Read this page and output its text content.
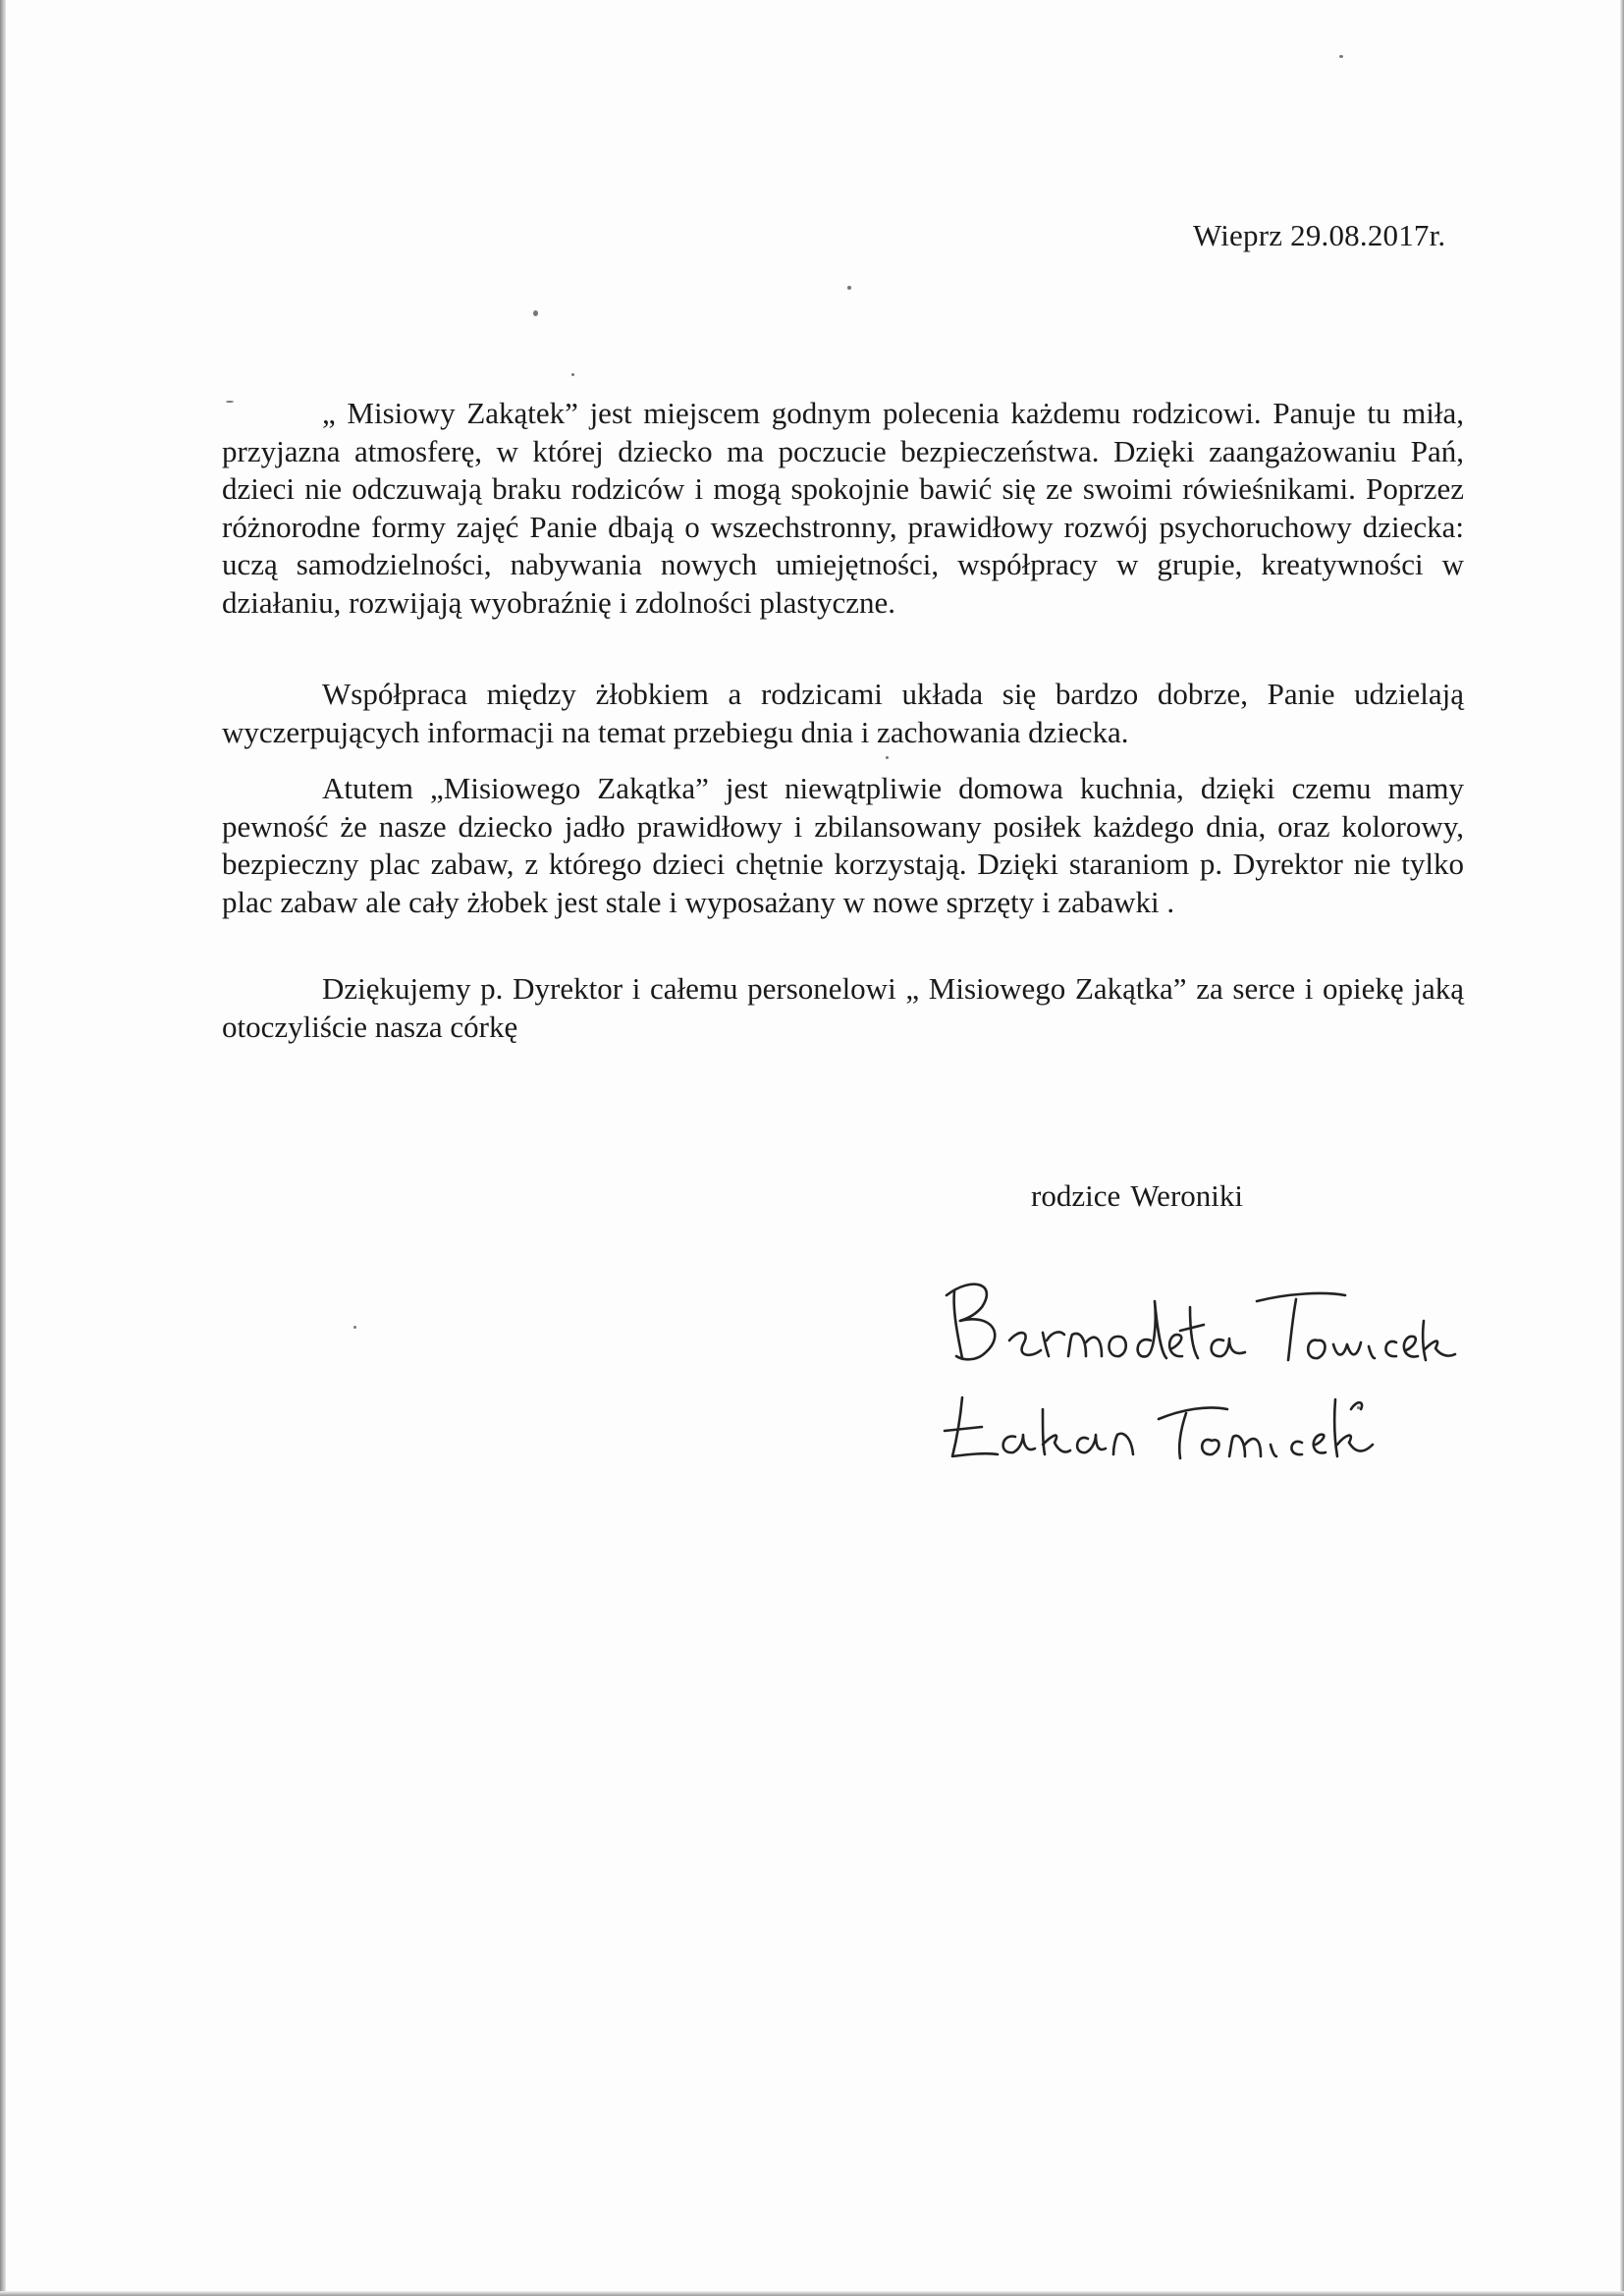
Wieprz 29.08.2017r.

„ Misiowy Zakątek” jest miejscem godnym polecenia każdemu rodzicowi. Panuje tu miła, przyjazna atmosferę, w której dziecko ma poczucie bezpieczeństwa. Dzięki zaangażowaniu Pań, dzieci nie odczuwają braku rodziców i mogą spokojnie bawić się ze swoimi rówieśnikami. Poprzez różnorodne formy zajęć Panie dbają o wszechstronny, prawidłowy rozwój psychoruchowy dziecka: uczą samodzielności, nabywania nowych umiejętności, współpracy w grupie, kreatywności w działaniu, rozwijają wyobraźnię i zdolności plastyczne.

Współpraca między żłobkiem a rodzicami układa się bardzo dobrze, Panie udzielają wyczerpujących informacji na temat przebiegu dnia i zachowania dziecka.

Atutem „Misiowego Zakątka” jest niewątpliwie domowa kuchnia, dzięki czemu mamy pewność że nasze dziecko jadło prawidłowy i zbilansowany posiłek każdego dnia, oraz kolorowy, bezpieczny plac zabaw, z którego dzieci chętnie korzystają. Dzięki staraniom p. Dyrektor nie tylko plac zabaw ale cały żłobek jest stale i wyposażany w nowe sprzęty i zabawki .

Dziękujemy p. Dyrektor i całemu personelowi „ Misiowego Zakątka” za serce i opiekę jaką otoczyliście nasza córkę

rodzice Weroniki
